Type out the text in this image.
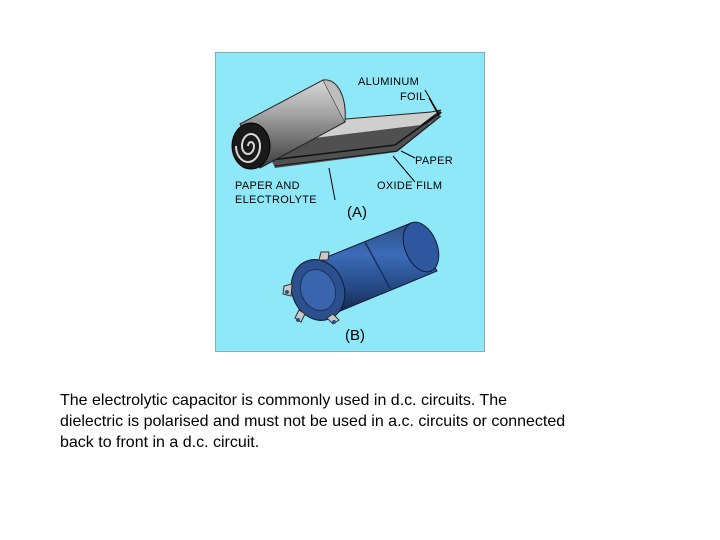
ALUMINUM
FOIL
PAPER
OXIDE FILM
PAPER AND
ELECTROLYTE
(A)
(B)
The electrolytic capacitor is commonly used in d.c. circuits. The
dielectric is polarised and must not be used in a.c. circuits or connected
back to front in a d.c. circuit.
